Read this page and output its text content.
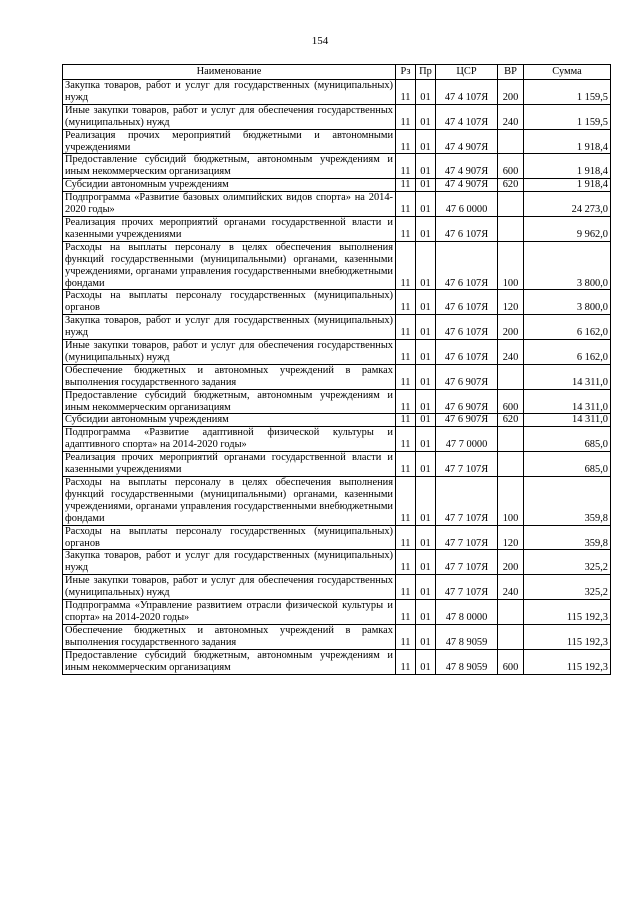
154
Наименование	Рз	Пр	ЦСР	ВР	Сумма
Закупка товаров, работ и услуг для государственных (муниципальных) нужд	11	01	47 4 107Я	200	1 159,5
Иные закупки товаров, работ и услуг для обеспечения государственных (муниципальных) нужд	11	01	47 4 107Я	240	1 159,5
Реализация прочих мероприятий бюджетными и автономными учреждениями	11	01	47 4 907Я		1 918,4
Предоставление субсидий бюджетным, автономным учреждениям и иным некоммерческим организациям	11	01	47 4 907Я	600	1 918,4
Субсидии автономным учреждениям	11	01	47 4 907Я	620	1 918,4
Подпрограмма «Развитие базовых олимпийских видов спорта» на 2014-2020 годы»	11	01	47 6 0000		24 273,0
Реализация прочих мероприятий органами государственной власти и казенными учреждениями	11	01	47 6 107Я		9 962,0
Расходы на выплаты персоналу в целях обеспечения выполнения функций государственными (муниципальными) органами, казенными учреждениями, органами управления государственными внебюджетными фондами	11	01	47 6 107Я	100	3 800,0
Расходы на выплаты персоналу государственных (муниципальных) органов	11	01	47 6 107Я	120	3 800,0
Закупка товаров, работ и услуг для государственных (муниципальных) нужд	11	01	47 6 107Я	200	6 162,0
Иные закупки товаров, работ и услуг для обеспечения государственных (муниципальных) нужд	11	01	47 6 107Я	240	6 162,0
Обеспечение бюджетных и автономных учреждений в рамках выполнения государственного задания	11	01	47 6 907Я		14 311,0
Предоставление субсидий бюджетным, автономным учреждениям и иным некоммерческим организациям	11	01	47 6 907Я	600	14 311,0
Субсидии автономным учреждениям	11	01	47 6 907Я	620	14 311,0
Подпрограмма «Развитие адаптивной физической культуры и адаптивного спорта» на 2014-2020 годы»	11	01	47 7 0000		685,0
Реализация прочих мероприятий органами государственной власти и казенными учреждениями	11	01	47 7 107Я		685,0
Расходы на выплаты персоналу в целях обеспечения выполнения функций государственными (муниципальными) органами, казенными учреждениями, органами управления государственными внебюджетными фондами	11	01	47 7 107Я	100	359,8
Расходы на выплаты персоналу государственных (муниципальных) органов	11	01	47 7 107Я	120	359,8
Закупка товаров, работ и услуг для государственных (муниципальных) нужд	11	01	47 7 107Я	200	325,2
Иные закупки товаров, работ и услуг для обеспечения государственных (муниципальных) нужд	11	01	47 7 107Я	240	325,2
Подпрограмма «Управление развитием отрасли физической культуры и спорта» на 2014-2020 годы»	11	01	47 8 0000		115 192,3
Обеспечение бюджетных и автономных учреждений в рамках выполнения государственного задания	11	01	47 8 9059		115 192,3
Предоставление субсидий бюджетным, автономным учреждениям и иным некоммерческим организациям	11	01	47 8 9059	600	115 192,3
